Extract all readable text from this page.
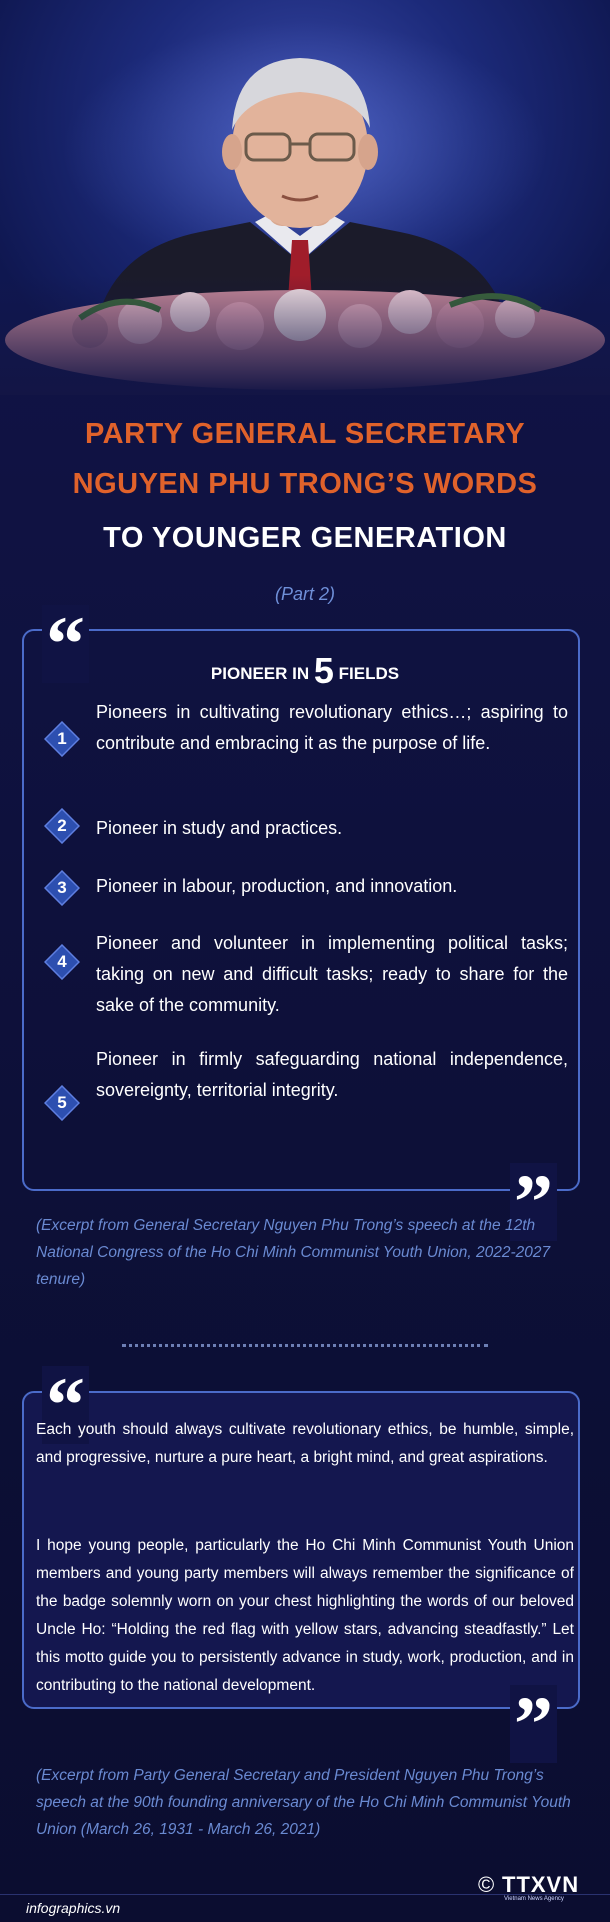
PARTY GENERAL SECRETARY
NGUYEN PHU TRONG’S WORDS
TO YOUNGER GENERATION
(Part 2)
“
”
PIONEER IN 5 FIELDS
1
Pioneers in cultivating revolutionary ethics…; aspiring to contribute and embracing it as the purpose of life.
2	Pioneer in study and practices.
3	Pioneer in labour, production, and innovation.
4
Pioneer and volunteer in implementing political tasks; taking on new and difficult tasks; ready to share for the sake of the community.
5
Pioneer in firmly safeguarding national independence, sovereignty, territorial integrity.
(Excerpt from General Secretary Nguyen Phu Trong’s speech at the 12th National Congress of the Ho Chi Minh Communist Youth Union, 2022-2027 tenure)
“
”
Each youth should always cultivate revolutionary ethics, be humble, simple, and progressive, nurture a pure heart, a bright mind, and great aspirations.
I hope young people, particularly the Ho Chi Minh Communist Youth Union members and young party members will always remember the significance of the badge solemnly worn on your chest highlighting the words of our beloved Uncle Ho: “Holding the red flag with yellow stars, advancing steadfastly.” Let this motto guide you to persistently advance in study, work, production, and in contributing to the national development.
(Excerpt from Party General Secretary and President Nguyen Phu Trong’s speech at the 90th founding anniversary of the Ho Chi Minh Communist Youth Union (March 26, 1931 - March 26, 2021)
infographics.vn
© TTXVN
Vietnam News Agency
